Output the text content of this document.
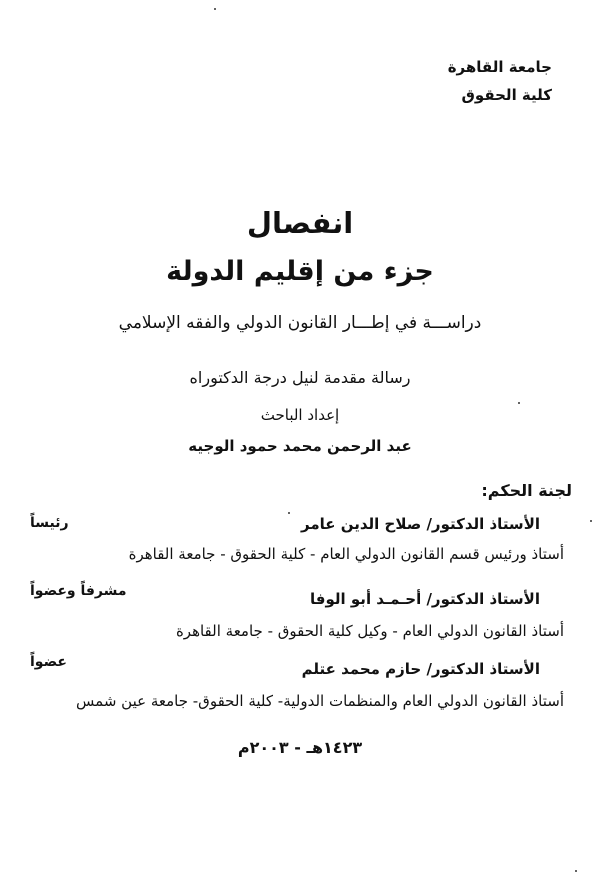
جامعة القاهرة
كلية الحقوق
انفصال
جزء من إقليم الدولة
دراســـة في إطـــار القانون الدولي والفقه الإسلامي
رسالة مقدمة لنيل درجة الدكتوراه
إعداد الباحث
عبد الرحمن محمد حمود الوجيه
لجنة الحكم:
الأستاذ الدكتور/ صلاح الدين عامر
رئيساً
أستاذ ورئيس قسم القانون الدولي العام - كلية الحقوق - جامعة القاهرة
الأستاذ الدكتور/ أحـمـد أبو الوفا
مشرفاً وعضواً
أستاذ القانون الدولي العام - وكيل كلية الحقوق - جامعة القاهرة
الأستاذ الدكتور/ حازم محمد عتلم
عضواً
أستاذ القانون الدولي العام والمنظمات الدولية- كلية الحقوق- جامعة عين شمس
١٤٢٣هـ - ٢٠٠٣م
